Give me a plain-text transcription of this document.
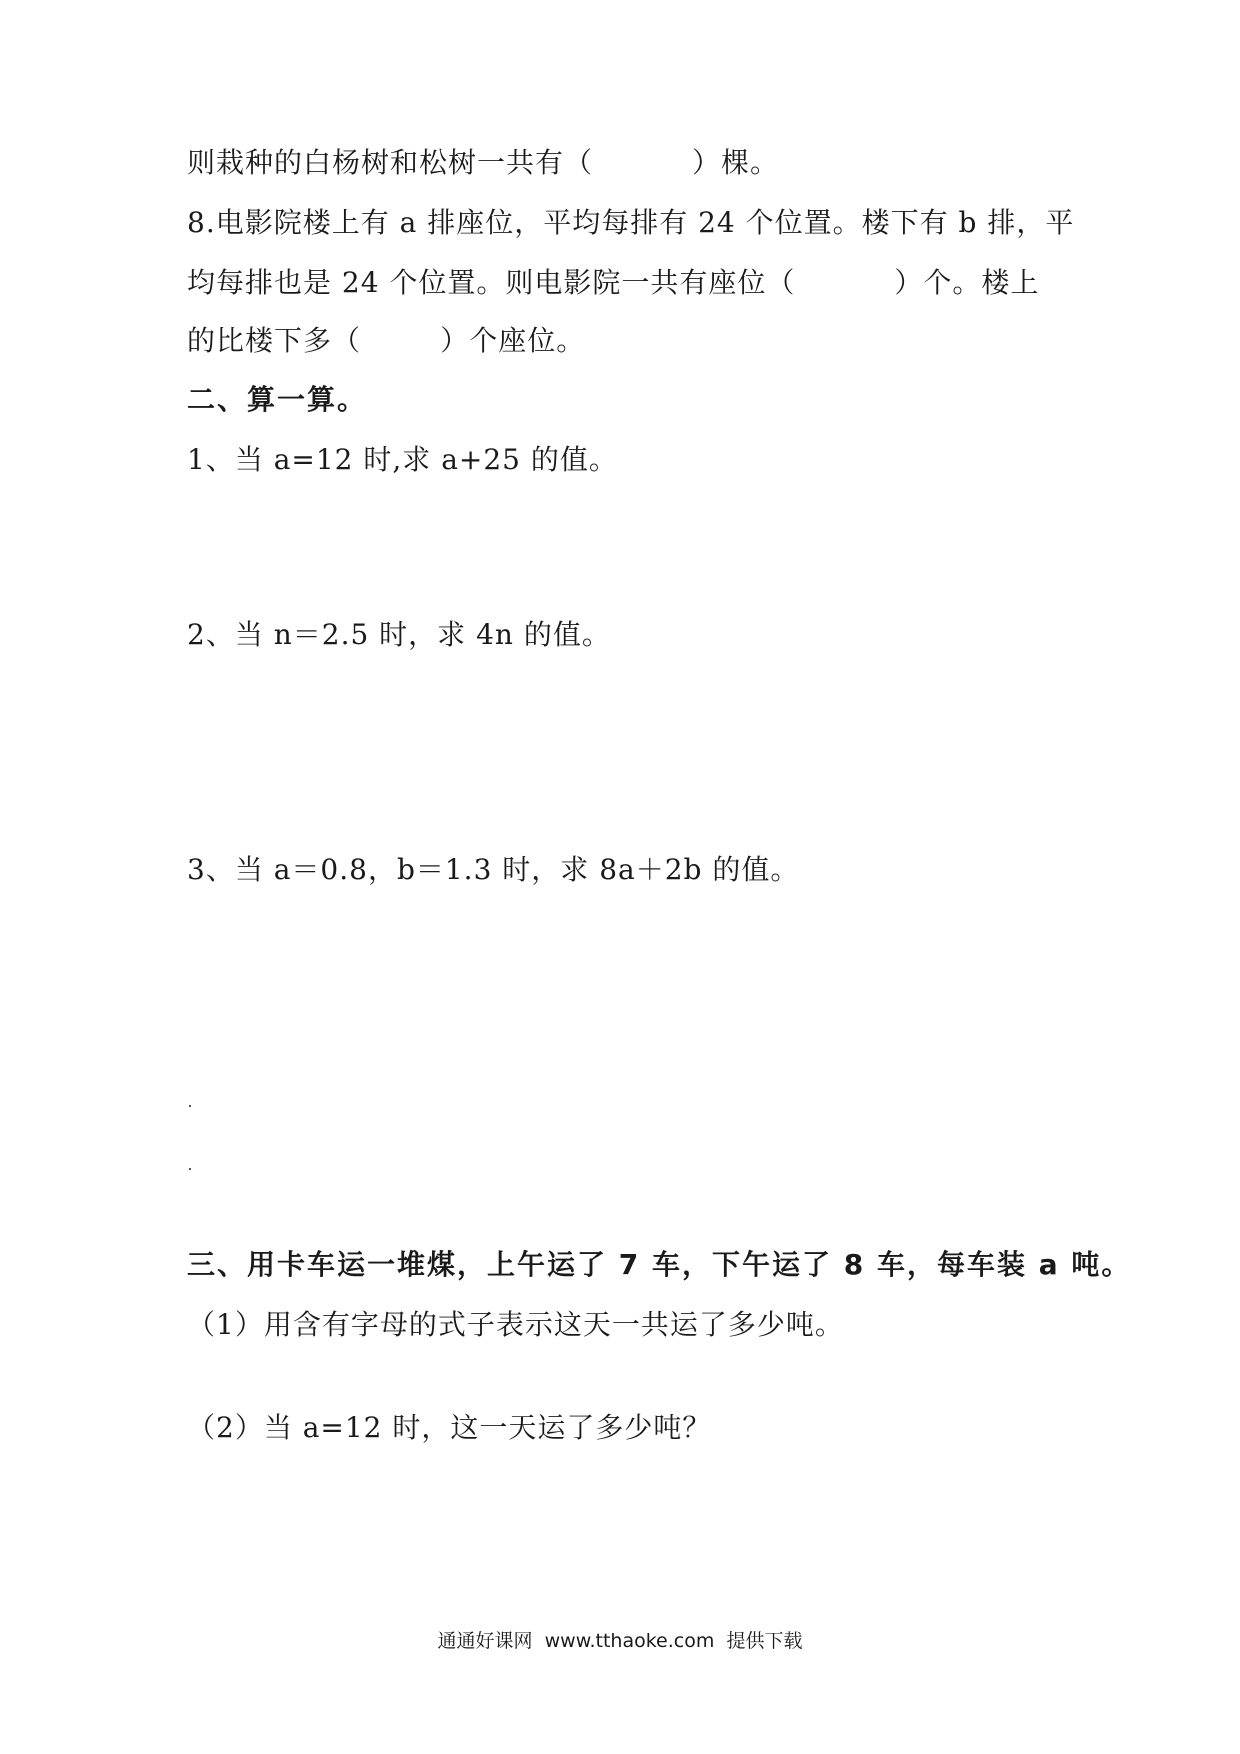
则栽种的白杨树和松树一共有（          ）棵。
8.电影院楼上有 a 排座位，平均每排有 24 个位置。楼下有 b 排，平
均每排也是 24 个位置。则电影院一共有座位（          ）个。楼上
的比楼下多（        ）个座位。
二、算一算。
1、当 a=12 时,求 a+25 的值。
2、当 n＝2.5 时，求 4n 的值。
3、当 a＝0.8，b＝1.3 时，求 8a＋2b 的值。
三、用卡车运一堆煤，上午运了 7 车，下午运了 8 车，每车装 a 吨。
（1）用含有字母的式子表示这天一共运了多少吨。
（2）当 a=12 时，这一天运了多少吨？
通通好课网  www.tthaoke.com  提供下载
